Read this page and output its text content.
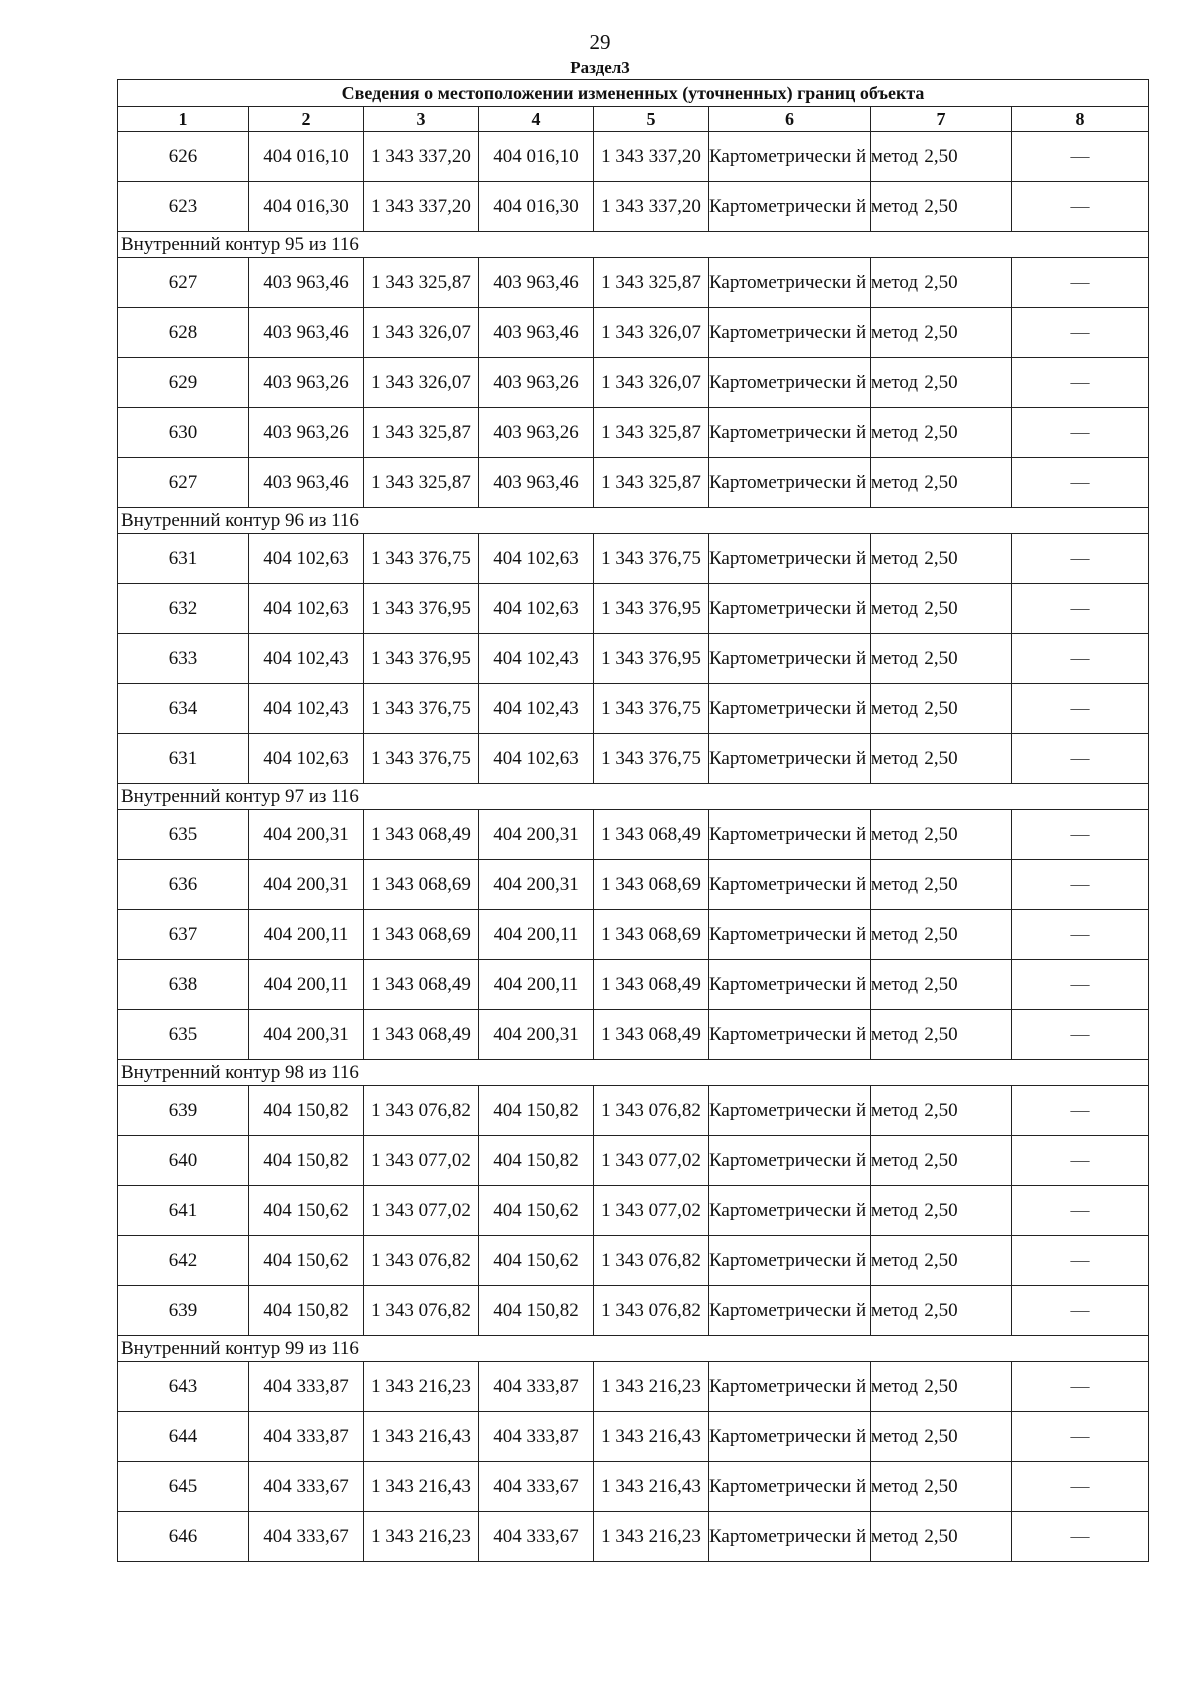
29
Раздел3
Сведения о местоположении измененных (уточненных) границ объекта							
1	2	3	4	5	6	7	8
626	404 016,10	1 343 337,20	404 016,10	1 343 337,20	Картометрически й метод	2,50	—
623	404 016,30	1 343 337,20	404 016,30	1 343 337,20	Картометрически й метод	2,50	—
Внутренний контур 95 из 116							
627	403 963,46	1 343 325,87	403 963,46	1 343 325,87	Картометрически й метод	2,50	—
628	403 963,46	1 343 326,07	403 963,46	1 343 326,07	Картометрически й метод	2,50	—
629	403 963,26	1 343 326,07	403 963,26	1 343 326,07	Картометрически й метод	2,50	—
630	403 963,26	1 343 325,87	403 963,26	1 343 325,87	Картометрически й метод	2,50	—
627	403 963,46	1 343 325,87	403 963,46	1 343 325,87	Картометрически й метод	2,50	—
Внутренний контур 96 из 116							
631	404 102,63	1 343 376,75	404 102,63	1 343 376,75	Картометрически й метод	2,50	—
632	404 102,63	1 343 376,95	404 102,63	1 343 376,95	Картометрически й метод	2,50	—
633	404 102,43	1 343 376,95	404 102,43	1 343 376,95	Картометрически й метод	2,50	—
634	404 102,43	1 343 376,75	404 102,43	1 343 376,75	Картометрически й метод	2,50	—
631	404 102,63	1 343 376,75	404 102,63	1 343 376,75	Картометрически й метод	2,50	—
Внутренний контур 97 из 116							
635	404 200,31	1 343 068,49	404 200,31	1 343 068,49	Картометрически й метод	2,50	—
636	404 200,31	1 343 068,69	404 200,31	1 343 068,69	Картометрически й метод	2,50	—
637	404 200,11	1 343 068,69	404 200,11	1 343 068,69	Картометрически й метод	2,50	—
638	404 200,11	1 343 068,49	404 200,11	1 343 068,49	Картометрически й метод	2,50	—
635	404 200,31	1 343 068,49	404 200,31	1 343 068,49	Картометрически й метод	2,50	—
Внутренний контур 98 из 116							
639	404 150,82	1 343 076,82	404 150,82	1 343 076,82	Картометрически й метод	2,50	—
640	404 150,82	1 343 077,02	404 150,82	1 343 077,02	Картометрически й метод	2,50	—
641	404 150,62	1 343 077,02	404 150,62	1 343 077,02	Картометрически й метод	2,50	—
642	404 150,62	1 343 076,82	404 150,62	1 343 076,82	Картометрически й метод	2,50	—
639	404 150,82	1 343 076,82	404 150,82	1 343 076,82	Картометрически й метод	2,50	—
Внутренний контур 99 из 116							
643	404 333,87	1 343 216,23	404 333,87	1 343 216,23	Картометрически й метод	2,50	—
644	404 333,87	1 343 216,43	404 333,87	1 343 216,43	Картометрически й метод	2,50	—
645	404 333,67	1 343 216,43	404 333,67	1 343 216,43	Картометрически й метод	2,50	—
646	404 333,67	1 343 216,23	404 333,67	1 343 216,23	Картометрически й метод	2,50	—
